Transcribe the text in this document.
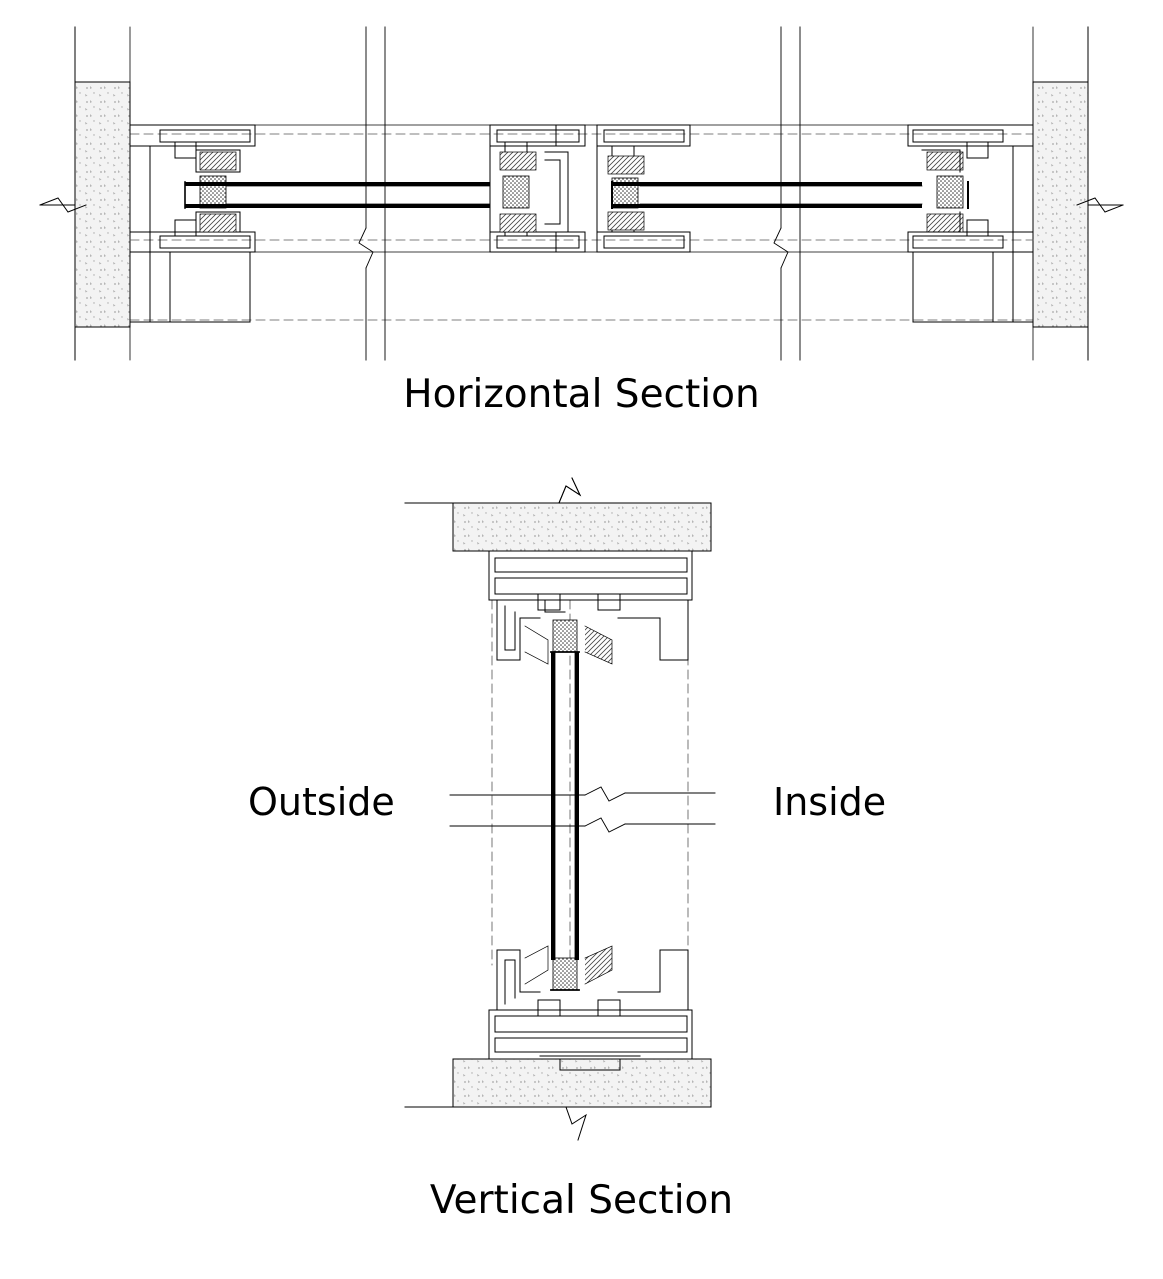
Horizontal Section
Outside	Inside
Vertical Section
